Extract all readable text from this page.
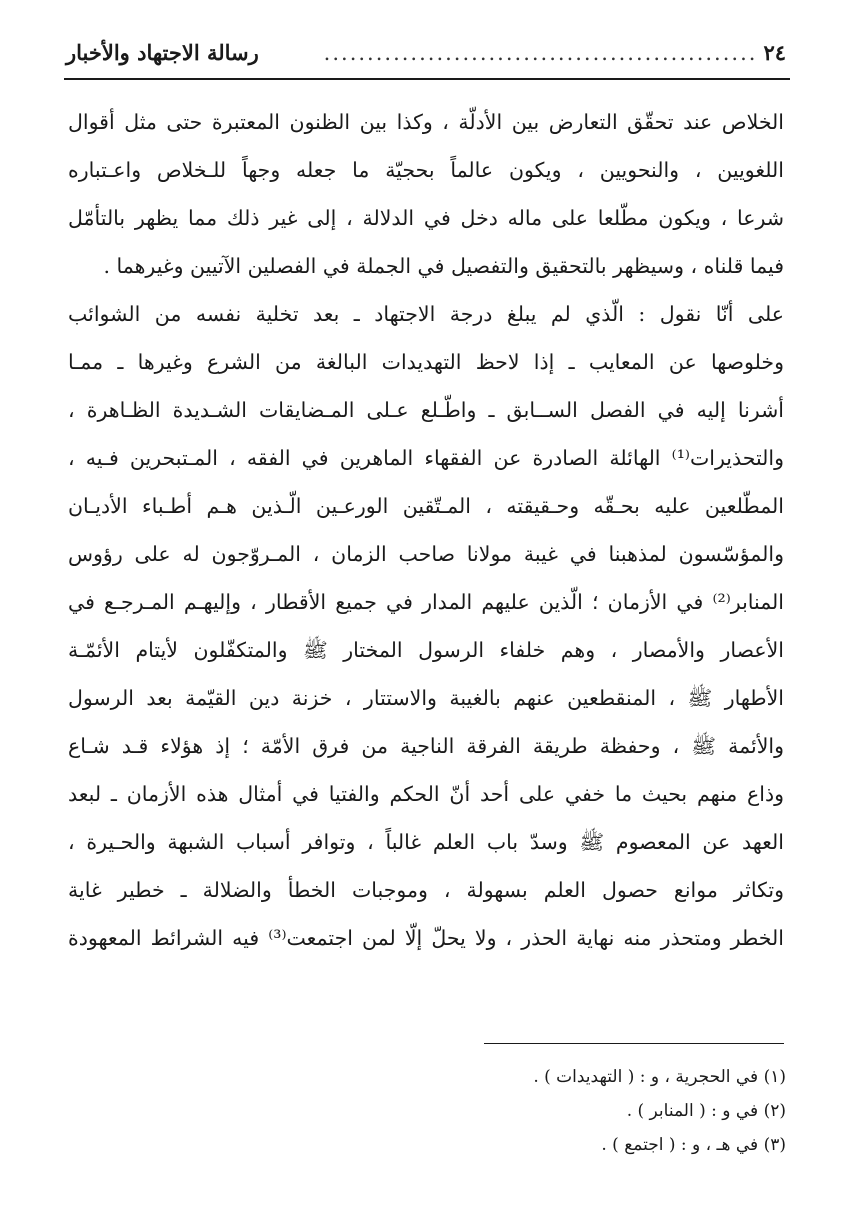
٢٤
..................................................
رسالة الاجتهاد والأخبار
الخلاص عند تحقّق التعارض بين الأدلّة ، وكذا بين الظنون المعتبرة حتى مثل أقوال
اللغويين ، والنحويين ، ويكون عالماً بحجيّة ما جعله وجهاً للـخلاص واعـتباره
شرعا ، ويكون مطّلعا على ماله دخل في الدلالة ، إلى غير ذلك مما يظهر بالتأمّل
فيما قلناه ، وسيظهر بالتحقيق والتفصيل في الجملة في الفصلين الآتيين وغيرهما .
على أنّا نقول : الّذي لم يبلغ درجة الاجتهاد ـ بعد تخلية نفسه من الشوائب
وخلوصها عن المعايب ـ إذا لاحظ التهديدات البالغة من الشرع وغيرها ـ ممـا
أشرنا إليه في الفصل الســابق ـ واطّـلع عـلى المـضايقات الشـديدة الظـاهرة ،
والتحذيرات⁽¹⁾ الهائلة الصادرة عن الفقهاء الماهرين في الفقه ، المـتبحرين فـيه ،
المطّلعين عليه بحـقّه وحـقيقته ، المـتّقين الورعـين الّـذين هـم أطـباء الأديـان
والمؤسّسون لمذهبنا في غيبة مولانا صاحب الزمان ، المـروّجون له على رؤوس
المنابر⁽²⁾ في الأزمان ؛ الّذين عليهم المدار في جميع الأقطار ، وإليهـم المـرجـع في
الأعصار والأمصار ، وهم خلفاء الرسول المختار ﷺ والمتكفّلون لأيتام الأئمّـة
الأطهار ﷺ ، المنقطعين عنهم بالغيبة والاستتار ، خزنة دين القيّمة بعد الرسول
والأئمة ﷺ ، وحفظة طريقة الفرقة الناجية من فرق الأمّة ؛ إذ هؤلاء قـد شـاع
وذاع منهم بحيث ما خفي على أحد أنّ الحكم والفتيا في أمثال هذه الأزمان ـ لبعد
العهد عن المعصوم ﷺ وسدّ باب العلم غالباً ، وتوافر أسباب الشبهة والحـيرة ،
وتكاثر موانع حصول العلم بسهولة ، وموجبات الخطأ والضلالة ـ خطير غاية
الخطر ومتحذر منه نهاية الحذر ، ولا يحلّ إلّا لمن اجتمعت⁽³⁾ فيه الشرائط المعهودة
(١) في الحجرية ، و : ( التهديدات ) .
(٢) في و : ( المنابر ) .
(٣) في هـ ، و : ( اجتمع ) .
